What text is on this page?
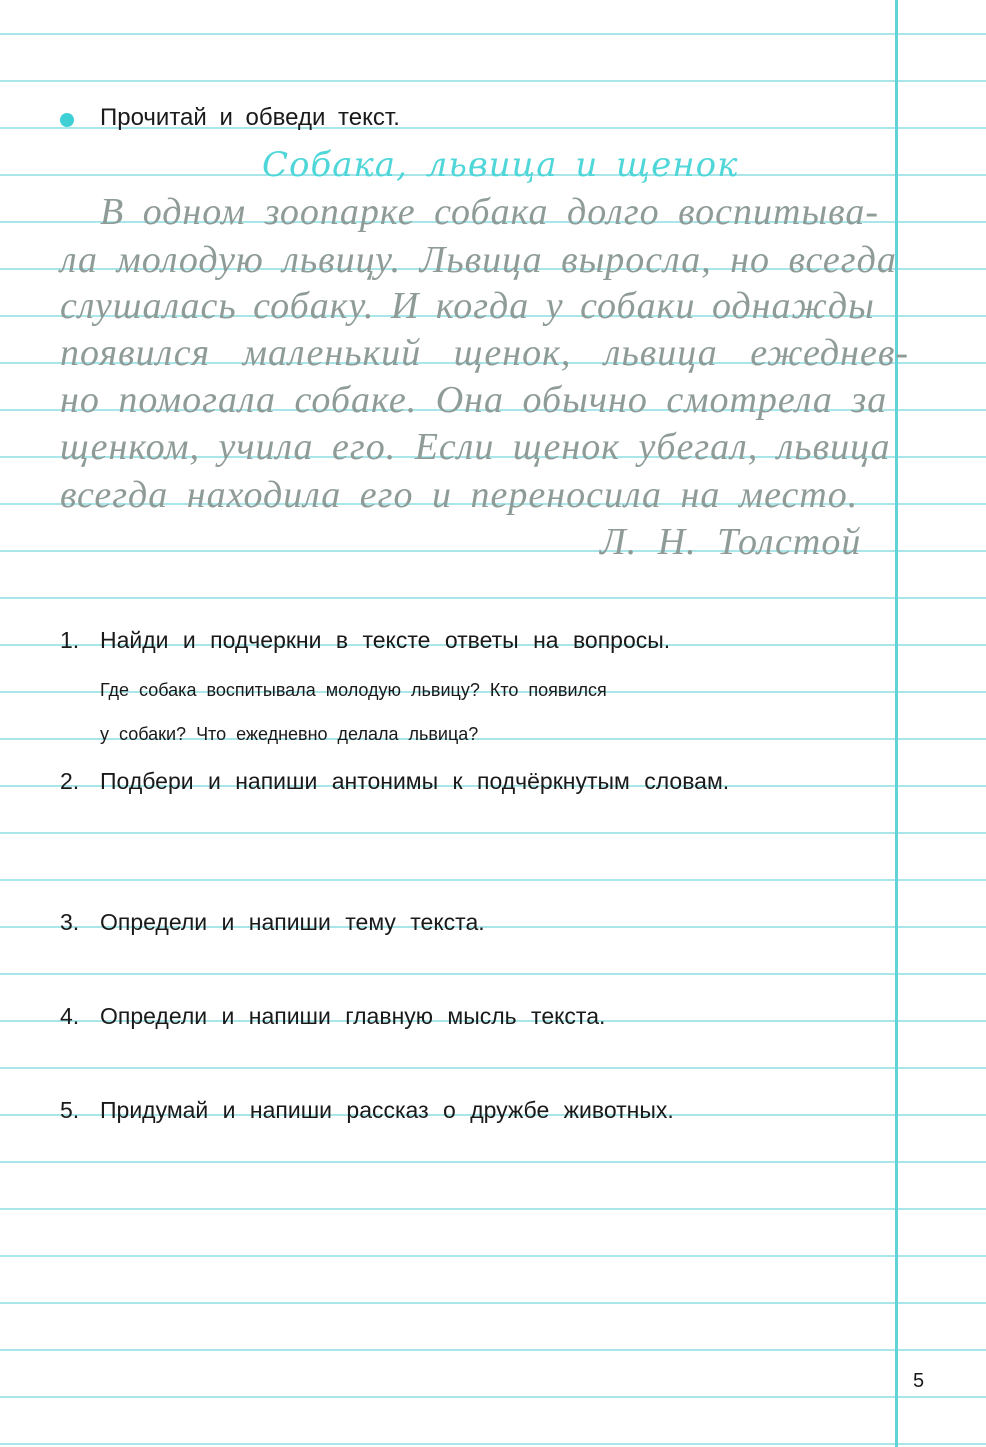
Прочитай и обведи текст.
Собака, львица и щенок
В одном зоопарке собака долго воспитыва-
ла молодую львицу. Львица выросла, но всегда
слушалась собаку. И когда у собаки однажды
появился маленький щенок, львица ежеднев-
но помогала собаке. Она обычно смотрела за
щенком, учила его. Если щенок убегал, львица
всегда находила его и переносила на место.
Л. Н. Толстой
1. Найди и подчеркни в тексте ответы на вопросы.
Где собака воспитывала молодую львицу? Кто появился
у собаки? Что ежедневно делала львица?
2. Подбери и напиши антонимы к подчёркнутым словам.
3. Определи и напиши тему текста.
4. Определи и напиши главную мысль текста.
5. Придумай и напиши рассказ о дружбе животных.
5
